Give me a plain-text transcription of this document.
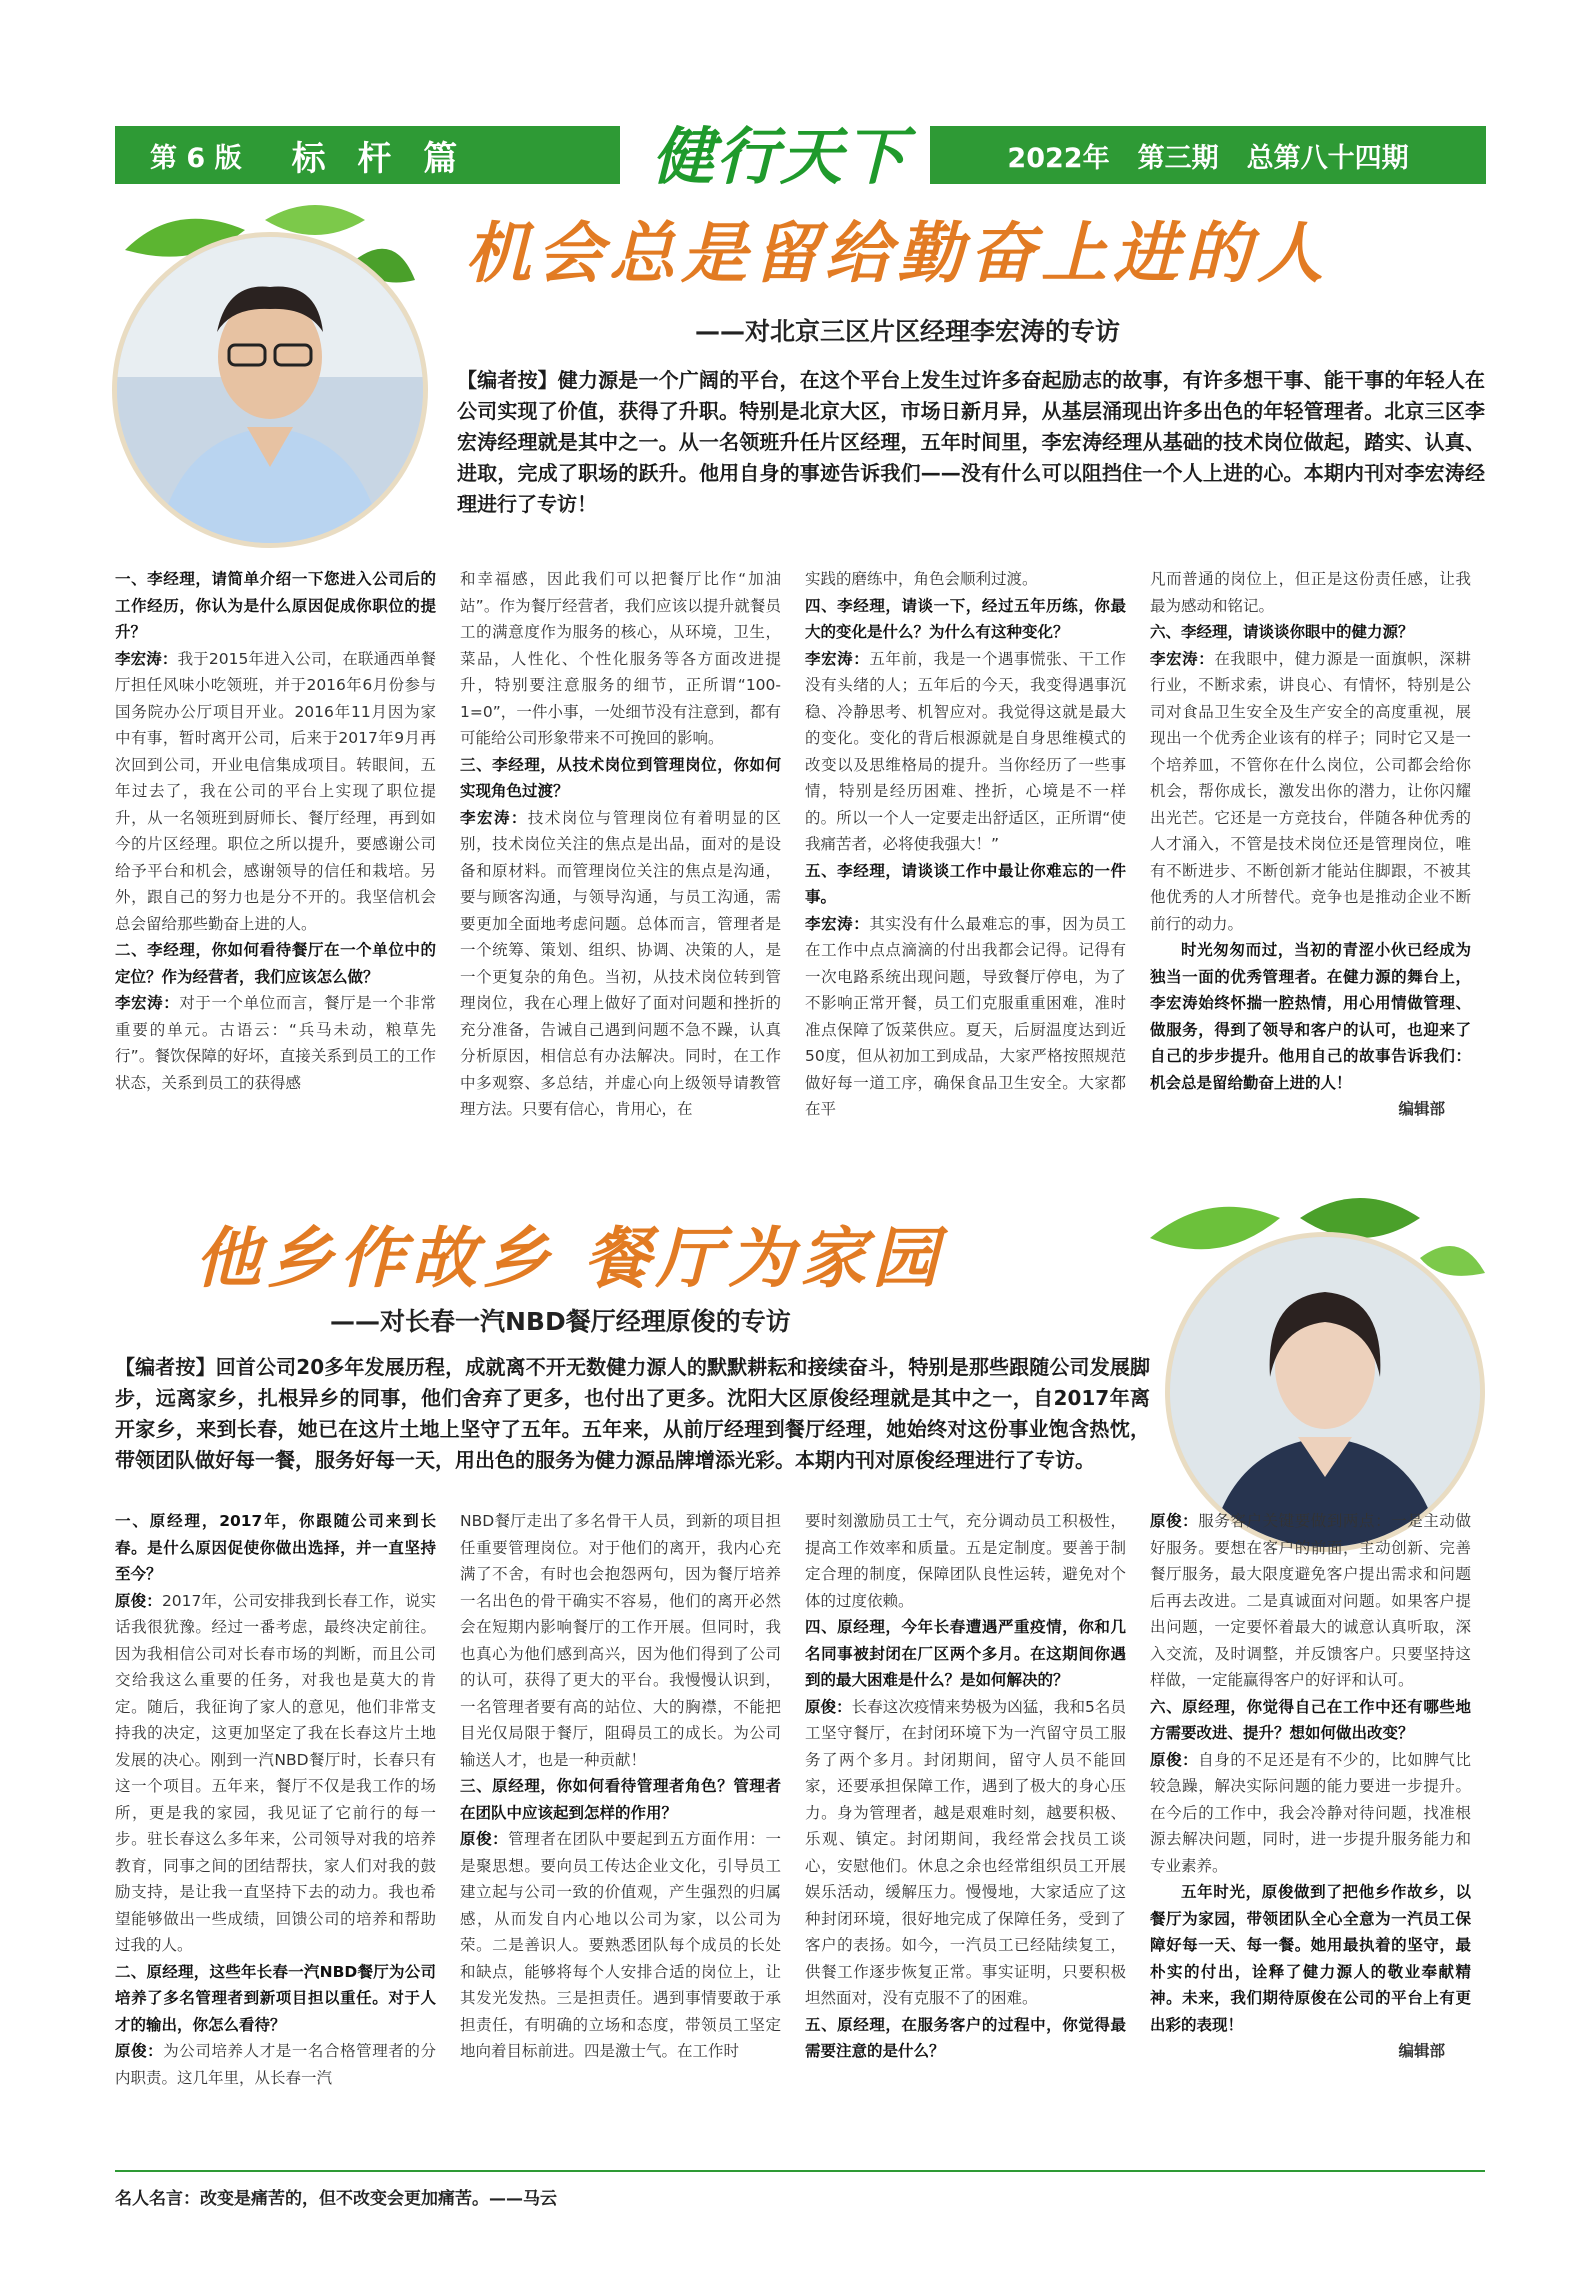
第 6 版 标 杆 篇	健行天下	2022年 第三期 总第八十四期
机会总是留给勤奋上进的人
——对北京三区片区经理李宏涛的专访
【编者按】健力源是一个广阔的平台，在这个平台上发生过许多奋起励志的故事，有许多想干事、能干事的年轻人在公司实现了价值，获得了升职。特别是北京大区，市场日新月异，从基层涌现出许多出色的年轻管理者。北京三区李宏涛经理就是其中之一。从一名领班升任片区经理，五年时间里，李宏涛经理从基础的技术岗位做起，踏实、认真、进取，完成了职场的跃升。他用自身的事迹告诉我们——没有什么可以阻挡住一个人上进的心。本期内刊对李宏涛经理进行了专访！

一、李经理，请简单介绍一下您进入公司后的工作经历，你认为是什么原因促成你职位的提升？

李宏涛：我于2015年进入公司，在联通西单餐厅担任风味小吃领班，并于2016年6月份参与国务院办公厅项目开业。2016年11月因为家中有事，暂时离开公司，后来于2017年9月再次回到公司，开业电信集成项目。转眼间，五年过去了，我在公司的平台上实现了职位提升，从一名领班到厨师长、餐厅经理，再到如今的片区经理。职位之所以提升，要感谢公司给予平台和机会，感谢领导的信任和栽培。另外，跟自己的努力也是分不开的。我坚信机会总会留给那些勤奋上进的人。

二、李经理，你如何看待餐厅在一个单位中的定位？作为经营者，我们应该怎么做？

李宏涛：对于一个单位而言，餐厅是一个非常重要的单元。古语云：“兵马未动，粮草先行”。餐饮保障的好坏，直接关系到员工的工作状态，关系到员工的获得感

和幸福感，因此我们可以把餐厅比作“加油站”。作为餐厅经营者，我们应该以提升就餐员工的满意度作为服务的核心，从环境，卫生，菜品，人性化、个性化服务等各方面改进提升，特别要注意服务的细节，正所谓“100-1=0”，一件小事，一处细节没有注意到，都有可能给公司形象带来不可挽回的影响。

三、李经理，从技术岗位到管理岗位，你如何实现角色过渡？

李宏涛：技术岗位与管理岗位有着明显的区别，技术岗位关注的焦点是出品，面对的是设备和原材料。而管理岗位关注的焦点是沟通，要与顾客沟通，与领导沟通，与员工沟通，需要更加全面地考虑问题。总体而言，管理者是一个统筹、策划、组织、协调、决策的人，是一个更复杂的角色。当初，从技术岗位转到管理岗位，我在心理上做好了面对问题和挫折的充分准备，告诫自己遇到问题不急不躁，认真分析原因，相信总有办法解决。同时，在工作中多观察、多总结，并虚心向上级领导请教管理方法。只要有信心，肯用心，在

实践的磨练中，角色会顺利过渡。

四、李经理，请谈一下，经过五年历练，你最大的变化是什么？为什么有这种变化？

李宏涛：五年前，我是一个遇事慌张、干工作没有头绪的人；五年后的今天，我变得遇事沉稳、冷静思考、机智应对。我觉得这就是最大的变化。变化的背后根源就是自身思维模式的改变以及思维格局的提升。当你经历了一些事情，特别是经历困难、挫折，心境是不一样的。所以一个人一定要走出舒适区，正所谓“使我痛苦者，必将使我强大！”

五、李经理，请谈谈工作中最让你难忘的一件事。

李宏涛：其实没有什么最难忘的事，因为员工在工作中点点滴滴的付出我都会记得。记得有一次电路系统出现问题，导致餐厅停电，为了不影响正常开餐，员工们克服重重困难，准时准点保障了饭菜供应。夏天，后厨温度达到近50度，但从初加工到成品，大家严格按照规范做好每一道工序，确保食品卫生安全。大家都在平

凡而普通的岗位上，但正是这份责任感，让我最为感动和铭记。

六、李经理，请谈谈你眼中的健力源？

李宏涛：在我眼中，健力源是一面旗帜，深耕行业，不断求索，讲良心、有情怀，特别是公司对食品卫生安全及生产安全的高度重视，展现出一个优秀企业该有的样子；同时它又是一个培养皿，不管你在什么岗位，公司都会给你机会，帮你成长，激发出你的潜力，让你闪耀出光芒。它还是一方竞技台，伴随各种优秀的人才涌入，不管是技术岗位还是管理岗位，唯有不断进步、不断创新才能站住脚跟，不被其他优秀的人才所替代。竞争也是推动企业不断前行的动力。

时光匆匆而过，当初的青涩小伙已经成为独当一面的优秀管理者。在健力源的舞台上，李宏涛始终怀揣一腔热情，用心用情做管理、做服务，得到了领导和客户的认可，也迎来了自己的步步提升。他用自己的故事告诉我们：机会总是留给勤奋上进的人！

编辑部

他乡作故乡 餐厅为家园
——对长春一汽NBD餐厅经理原俊的专访
【编者按】回首公司20多年发展历程，成就离不开无数健力源人的默默耕耘和接续奋斗，特别是那些跟随公司发展脚步，远离家乡，扎根异乡的同事，他们舍弃了更多，也付出了更多。沈阳大区原俊经理就是其中之一，自2017年离开家乡，来到长春，她已在这片土地上坚守了五年。五年来，从前厅经理到餐厅经理，她始终对这份事业饱含热忱，带领团队做好每一餐，服务好每一天，用出色的服务为健力源品牌增添光彩。本期内刊对原俊经理进行了专访。

一、原经理，2017年，你跟随公司来到长春。是什么原因促使你做出选择，并一直坚持至今？

原俊：2017年，公司安排我到长春工作，说实话我很犹豫。经过一番考虑，最终决定前往。因为我相信公司对长春市场的判断，而且公司交给我这么重要的任务，对我也是莫大的肯定。随后，我征询了家人的意见，他们非常支持我的决定，这更加坚定了我在长春这片土地发展的决心。刚到一汽NBD餐厅时，长春只有这一个项目。五年来，餐厅不仅是我工作的场所，更是我的家园，我见证了它前行的每一步。驻长春这么多年来，公司领导对我的培养教育，同事之间的团结帮扶，家人们对我的鼓励支持，是让我一直坚持下去的动力。我也希望能够做出一些成绩，回馈公司的培养和帮助过我的人。

二、原经理，这些年长春一汽NBD餐厅为公司培养了多名管理者到新项目担以重任。对于人才的输出，你怎么看待？

原俊：为公司培养人才是一名合格管理者的分内职责。这几年里，从长春一汽

NBD餐厅走出了多名骨干人员，到新的项目担任重要管理岗位。对于他们的离开，我内心充满了不舍，有时也会抱怨两句，因为餐厅培养一名出色的骨干确实不容易，他们的离开必然会在短期内影响餐厅的工作开展。但同时，我也真心为他们感到高兴，因为他们得到了公司的认可，获得了更大的平台。我慢慢认识到，一名管理者要有高的站位、大的胸襟，不能把目光仅局限于餐厅，阻碍员工的成长。为公司输送人才，也是一种贡献！

三、原经理，你如何看待管理者角色？管理者在团队中应该起到怎样的作用？

原俊：管理者在团队中要起到五方面作用：一是聚思想。要向员工传达企业文化，引导员工建立起与公司一致的价值观，产生强烈的归属感，从而发自内心地以公司为家，以公司为荣。二是善识人。要熟悉团队每个成员的长处和缺点，能够将每个人安排合适的岗位上，让其发光发热。三是担责任。遇到事情要敢于承担责任，有明确的立场和态度，带领员工坚定地向着目标前进。四是激士气。在工作时

要时刻激励员工士气，充分调动员工积极性，提高工作效率和质量。五是定制度。要善于制定合理的制度，保障团队良性运转，避免对个体的过度依赖。

四、原经理，今年长春遭遇严重疫情，你和几名同事被封闭在厂区两个多月。在这期间你遇到的最大困难是什么？是如何解决的？

原俊：长春这次疫情来势极为凶猛，我和5名员工坚守餐厅，在封闭环境下为一汽留守员工服务了两个多月。封闭期间，留守人员不能回家，还要承担保障工作，遇到了极大的身心压力。身为管理者，越是艰难时刻，越要积极、乐观、镇定。封闭期间，我经常会找员工谈心，安慰他们。休息之余也经常组织员工开展娱乐活动，缓解压力。慢慢地，大家适应了这种封闭环境，很好地完成了保障任务，受到了客户的表扬。如今，一汽员工已经陆续复工，供餐工作逐步恢复正常。事实证明，只要积极坦然面对，没有克服不了的困难。

五、原经理，在服务客户的过程中，你觉得最需要注意的是什么？

原俊：服务客户关键要做到两点：一是主动做好服务。要想在客户的前面，主动创新、完善餐厅服务，最大限度避免客户提出需求和问题后再去改进。二是真诚面对问题。如果客户提出问题，一定要怀着最大的诚意认真听取，深入交流，及时调整，并反馈客户。只要坚持这样做，一定能赢得客户的好评和认可。

六、原经理，你觉得自己在工作中还有哪些地方需要改进、提升？想如何做出改变？

原俊：自身的不足还是有不少的，比如脾气比较急躁，解决实际问题的能力要进一步提升。在今后的工作中，我会冷静对待问题，找准根源去解决问题，同时，进一步提升服务能力和专业素养。

五年时光，原俊做到了把他乡作故乡，以餐厅为家园，带领团队全心全意为一汽员工保障好每一天、每一餐。她用最执着的坚守，最朴实的付出，诠释了健力源人的敬业奉献精神。未来，我们期待原俊在公司的平台上有更出彩的表现！

编辑部

名人名言：改变是痛苦的，但不改变会更加痛苦。——马云
